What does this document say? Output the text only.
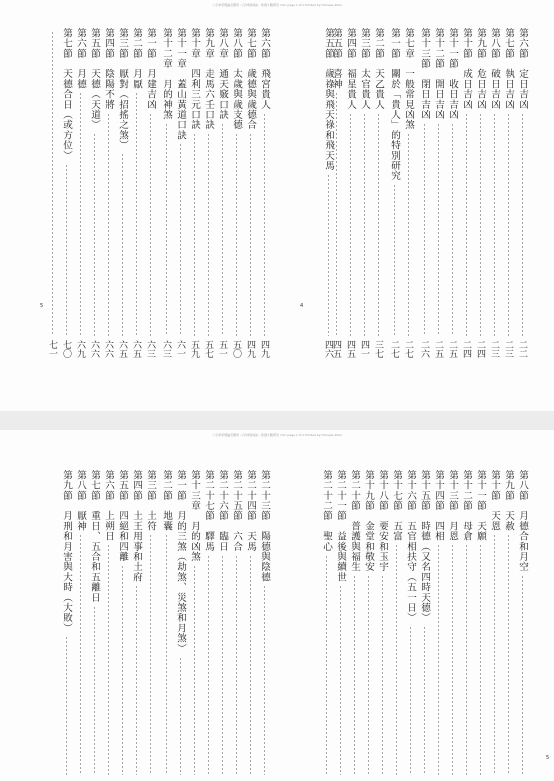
八字命學理論及應用 八字神煞真訣 - 紫微斗數研究 chm page x of x Printed by Chinese 202x
5	4
第六節　定日吉凶
二二
第七節　執日吉凶
二三
第八節　破日吉凶
二三
第九節　危日吉凶
二四
第十節　成日吉凶
二四
第十一節　收日吉凶
二五
第十二節　開日吉凶
二五
第十三節　閉日吉凶
二六
第七章　一般常見凶煞
二七
第一節　關於「貴人」的特別研究
二七
第二節　天乙貴人
三七
第三節　太官貴人
四一
第四節　福星貴人
四五
第五節　喜神
四五
第五節　歲祿與飛天祿和飛天馬
四六
第六節　飛宮貴人
四九
第七節　歲德與歲德合
四九
第八節　太歲與歲支德
五〇
第八章　通天竅口訣
五一
第九章　走馬六壬口訣
五七
第十章　四利三元口訣
五九
第十一章　蓋山黃道口訣
六一
第十二章　月的神煞
六三
第一節　月建吉凶
六三
第二節　月厭
六五
第三節　厭對（招搖之煞）
六五
第四節　陰陽不將
六六
第五節　天德（天道）
六六
第六節　月德
六九
第七節　天德合日（或方位）
七〇
七一
八字命學理論及應用 八字神煞真訣 - 紫微斗數研究 chm page x of x Printed by Chinese 202x
5
第八節　月德合和月空
第九節　天赦
第十節　天恩
第十一節　天願
第十二節　母倉
第十三節　月恩
第十四節　四相
第十五節　時德（又名四時天德）
第十六節　五官相扶守（五一日）
第十七節　五富
第十八節　要安和玉宇
第十九節　金堂和敬安
第二十節　普護與福生
第二十一節　益後與續世
第二十二節　聖心
第二十三節　陽德與陰德
第二十四節　天馬
第二十五節　六合
第二十六節　臨日
第二十七節　驛馬
第十三章　月的凶煞
第一節　月的三煞（劫煞、災煞和月煞）
第二節　地囊
第三節　土符
第四節　土王用事和土府
第五節　四絕和四離
第六節　上朔日
第七節　重日、五合和五離日
第八節　厭神
第九節　月刑和月害與大時（大敗）
